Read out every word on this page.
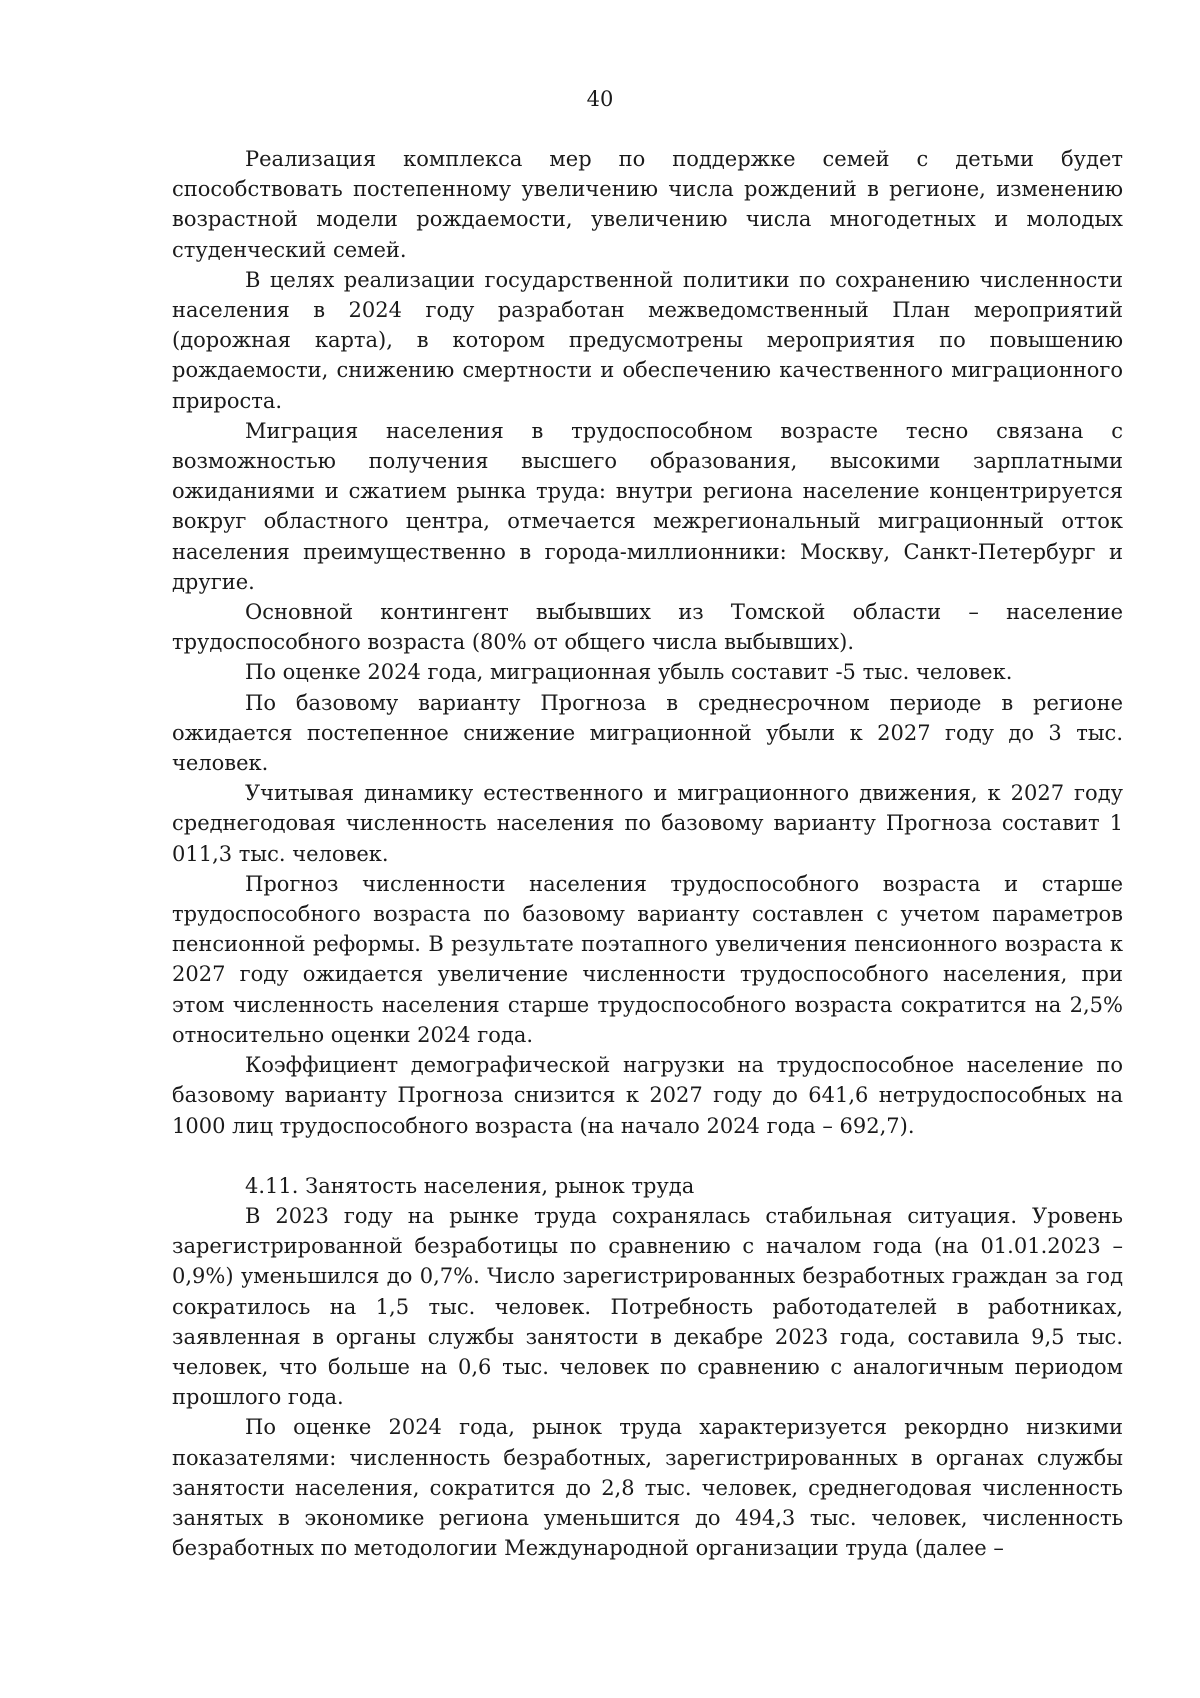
40

Реализация комплекса мер по поддержке семей с детьми будет способствовать постепенному увеличению числа рождений в регионе, изменению возрастной модели рождаемости, увеличению числа многодетных и молодых студенческий семей.

В целях реализации государственной политики по сохранению численности населения в 2024 году разработан межведомственный План мероприятий (дорожная карта), в котором предусмотрены мероприятия по повышению рождаемости, снижению смертности и обеспечению качественного миграционного прироста.

Миграция населения в трудоспособном возрасте тесно связана с возможностью получения высшего образования, высокими зарплатными ожиданиями и сжатием рынка труда: внутри региона население концентрируется вокруг областного центра, отмечается межрегиональный миграционный отток населения преимущественно в города-миллионники: Москву, Санкт-Петербург и другие.

Основной контингент выбывших из Томской области – население трудоспособного возраста (80% от общего числа выбывших).

По оценке 2024 года, миграционная убыль составит -5 тыс. человек.

По базовому варианту Прогноза в среднесрочном периоде в регионе ожидается постепенное снижение миграционной убыли к 2027 году до 3 тыс. человек.

Учитывая динамику естественного и миграционного движения, к 2027 году среднегодовая численность населения по базовому варианту Прогноза составит 1 011,3 тыс. человек.

Прогноз численности населения трудоспособного возраста и старше трудоспособного возраста по базовому варианту составлен с учетом параметров пенсионной реформы. В результате поэтапного увеличения пенсионного возраста к 2027 году ожидается увеличение численности трудоспособного населения, при этом численность населения старше трудоспособного возраста сократится на 2,5% относительно оценки 2024 года.

Коэффициент демографической нагрузки на трудоспособное население по базовому варианту Прогноза снизится к 2027 году до 641,6 нетрудоспособных на 1000 лиц трудоспособного возраста (на начало 2024 года – 692,7).

4.11. Занятость населения, рынок труда

В 2023 году на рынке труда сохранялась стабильная ситуация. Уровень зарегистрированной безработицы по сравнению с началом года (на 01.01.2023 – 0,9%) уменьшился до 0,7%. Число зарегистрированных безработных граждан за год сократилось на 1,5 тыс. человек. Потребность работодателей в работниках, заявленная в органы службы занятости в декабре 2023 года, составила 9,5 тыс. человек, что больше на 0,6 тыс. человек по сравнению с аналогичным периодом прошлого года.

По оценке 2024 года, рынок труда характеризуется рекордно низкими показателями: численность безработных, зарегистрированных в органах службы занятости населения, сократится до 2,8 тыс. человек, среднегодовая численность занятых в экономике региона уменьшится до 494,3 тыс. человек, численность безработных по методологии Международной организации труда (далее –
